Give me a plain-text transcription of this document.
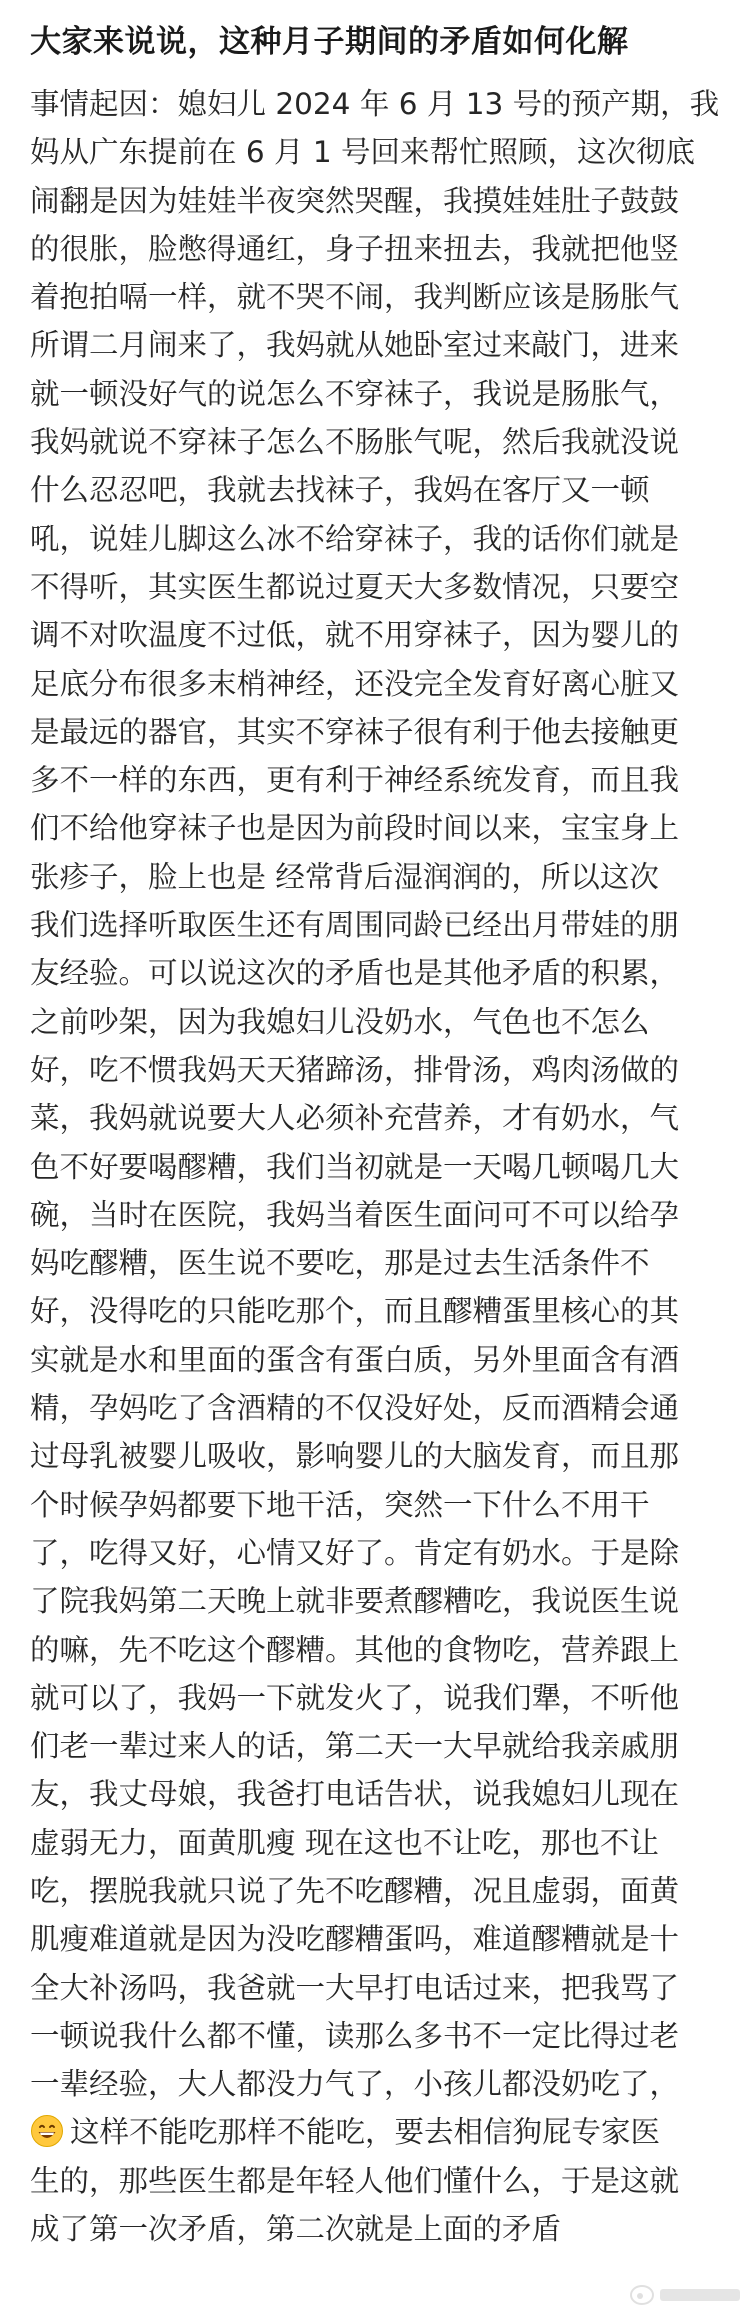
大家来说说，这种月子期间的矛盾如何化解
事情起因：媳妇儿 2024 年 6 月 13 号的预产期，我
妈从广东提前在 6 月 1 号回来帮忙照顾，这次彻底
闹翻是因为娃娃半夜突然哭醒，我摸娃娃肚子鼓鼓
的很胀，脸憋得通红，身子扭来扭去，我就把他竖
着抱拍嗝一样，就不哭不闹，我判断应该是肠胀气
所谓二月闹来了，我妈就从她卧室过来敲门，进来
就一顿没好气的说怎么不穿袜子，我说是肠胀气，
我妈就说不穿袜子怎么不肠胀气呢，然后我就没说
什么忍忍吧，我就去找袜子，我妈在客厅又一顿
吼，说娃儿脚这么冰不给穿袜子，我的话你们就是
不得听，其实医生都说过夏天大多数情况，只要空
调不对吹温度不过低，就不用穿袜子，因为婴儿的
足底分布很多末梢神经，还没完全发育好离心脏又
是最远的器官，其实不穿袜子很有利于他去接触更
多不一样的东西，更有利于神经系统发育，而且我
们不给他穿袜子也是因为前段时间以来，宝宝身上
张疹子，脸上也是 经常背后湿润润的，所以这次
我们选择听取医生还有周围同龄已经出月带娃的朋
友经验。可以说这次的矛盾也是其他矛盾的积累，
之前吵架，因为我媳妇儿没奶水，气色也不怎么
好，吃不惯我妈天天猪蹄汤，排骨汤，鸡肉汤做的
菜，我妈就说要大人必须补充营养，才有奶水，气
色不好要喝醪糟，我们当初就是一天喝几顿喝几大
碗，当时在医院，我妈当着医生面问可不可以给孕
妈吃醪糟，医生说不要吃，那是过去生活条件不
好，没得吃的只能吃那个，而且醪糟蛋里核心的其
实就是水和里面的蛋含有蛋白质，另外里面含有酒
精，孕妈吃了含酒精的不仅没好处，反而酒精会通
过母乳被婴儿吸收，影响婴儿的大脑发育，而且那
个时候孕妈都要下地干活，突然一下什么不用干
了，吃得又好，心情又好了。肯定有奶水。于是除
了院我妈第二天晚上就非要煮醪糟吃，我说医生说
的嘛，先不吃这个醪糟。其他的食物吃，营养跟上
就可以了，我妈一下就发火了，说我们犟，不听他
们老一辈过来人的话，第二天一大早就给我亲戚朋
友，我丈母娘，我爸打电话告状，说我媳妇儿现在
虚弱无力，面黄肌瘦 现在这也不让吃，那也不让
吃，摆脱我就只说了先不吃醪糟，况且虚弱，面黄
肌瘦难道就是因为没吃醪糟蛋吗，难道醪糟就是十
全大补汤吗，我爸就一大早打电话过来，把我骂了
一顿说我什么都不懂，读那么多书不一定比得过老
一辈经验，大人都没力气了，小孩儿都没奶吃了，
这样不能吃那样不能吃，要去相信狗屁专家医
生的，那些医生都是年轻人他们懂什么，于是这就
成了第一次矛盾，第二次就是上面的矛盾
